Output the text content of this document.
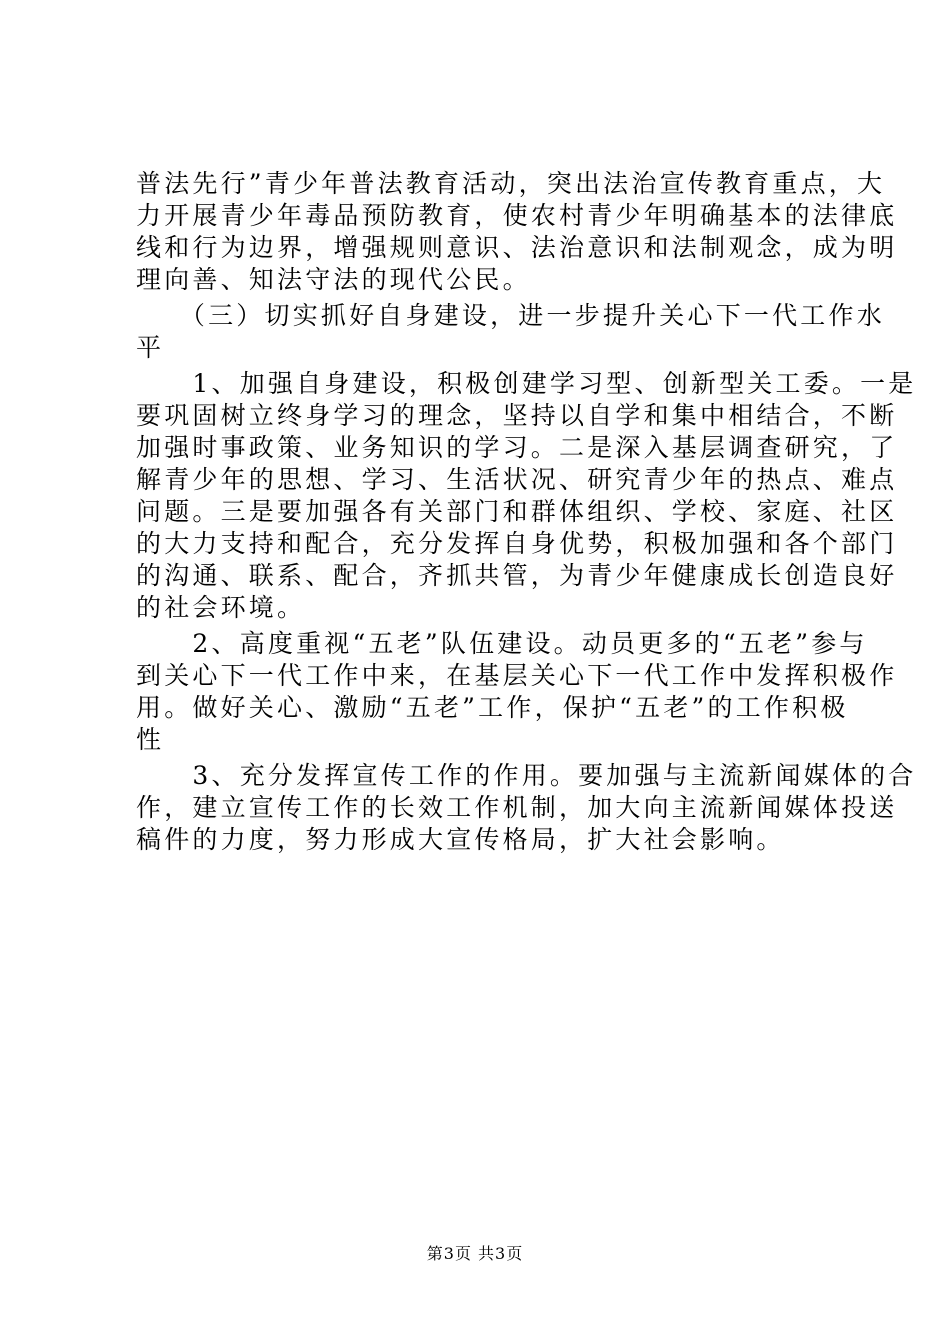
普法先行”青少年普法教育活动，突出法治宣传教育重点，大
力开展青少年毒品预防教育，使农村青少年明确基本的法律底
线和行为边界，增强规则意识、法治意识和法制观念，成为明
理向善、知法守法的现代公民。
　　（三）切实抓好自身建设，进一步提升关心下一代工作水
平
　　1、加强自身建设，积极创建学习型、创新型关工委。一是
要巩固树立终身学习的理念，坚持以自学和集中相结合，不断
加强时事政策、业务知识的学习。二是深入基层调查研究，了
解青少年的思想、学习、生活状况、研究青少年的热点、难点
问题。三是要加强各有关部门和群体组织、学校、家庭、社区
的大力支持和配合，充分发挥自身优势，积极加强和各个部门
的沟通、联系、配合，齐抓共管，为青少年健康成长创造良好
的社会环境。
　　2、高度重视“五老”队伍建设。动员更多的“五老”参与
到关心下一代工作中来，在基层关心下一代工作中发挥积极作
用。做好关心、激励“五老”工作，保护“五老”的工作积极
性
　　3、充分发挥宣传工作的作用。要加强与主流新闻媒体的合
作，建立宣传工作的长效工作机制，加大向主流新闻媒体投送
稿件的力度，努力形成大宣传格局，扩大社会影响。
第3页 共3页
